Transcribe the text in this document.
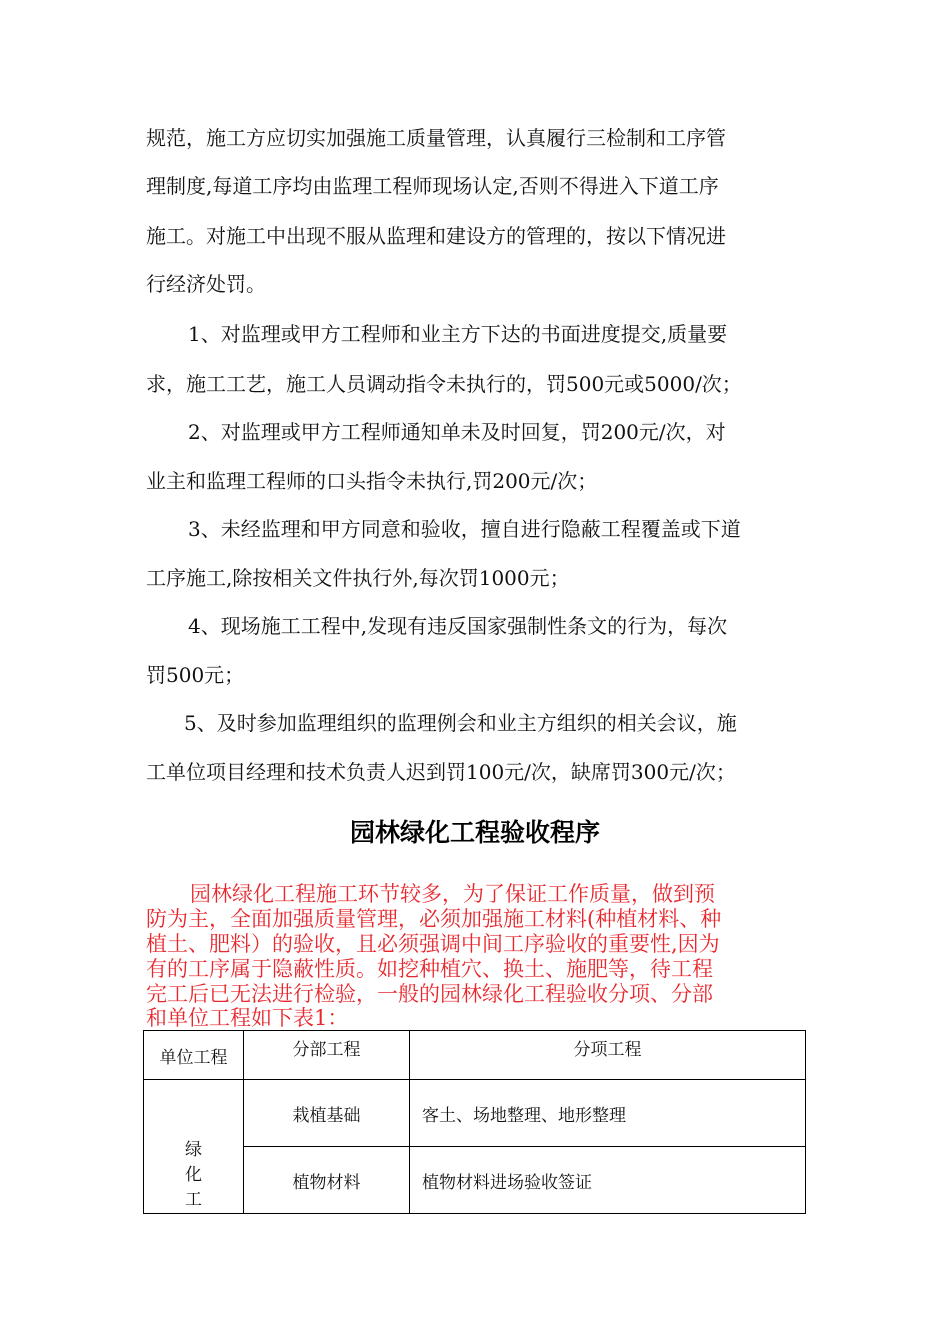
规范，施工方应切实加强施工质量管理，认真履行三检制和工序管
理制度,每道工序均由监理工程师现场认定,否则不得进入下道工序
施工。对施工中出现不服从监理和建设方的管理的，按以下情况进
行经济处罚。
1、对监理或甲方工程师和业主方下达的书面进度提交,质量要
求，施工工艺，施工人员调动指令未执行的，罚500元或5000/次；
2、对监理或甲方工程师通知单未及时回复，罚200元/次，对
业主和监理工程师的口头指令未执行,罚200元/次；
3、未经监理和甲方同意和验收，擅自进行隐蔽工程覆盖或下道
工序施工,除按相关文件执行外,每次罚1000元；
4、现场施工工程中,发现有违反国家强制性条文的行为，每次
罚500元；
5、及时参加监理组织的监理例会和业主方组织的相关会议，施
工单位项目经理和技术负责人迟到罚100元/次，缺席罚300元/次；
园林绿化工程验收程序
园林绿化工程施工环节较多，为了保证工作质量，做到预
防为主，全面加强质量管理，必须加强施工材料(种植材料、种
植土、肥料）的验收，且必须强调中间工序验收的重要性,因为
有的工序属于隐蔽性质。如挖种植穴、换土、施肥等，待工程
完工后已无法进行检验，一般的园林绿化工程验收分项、分部
和单位工程如下表1：
单位工程	分部工程	分项工程

绿
化
工	栽植基础	客土、场地整理、地形整理
	植物材料	植物材料进场验收签证
